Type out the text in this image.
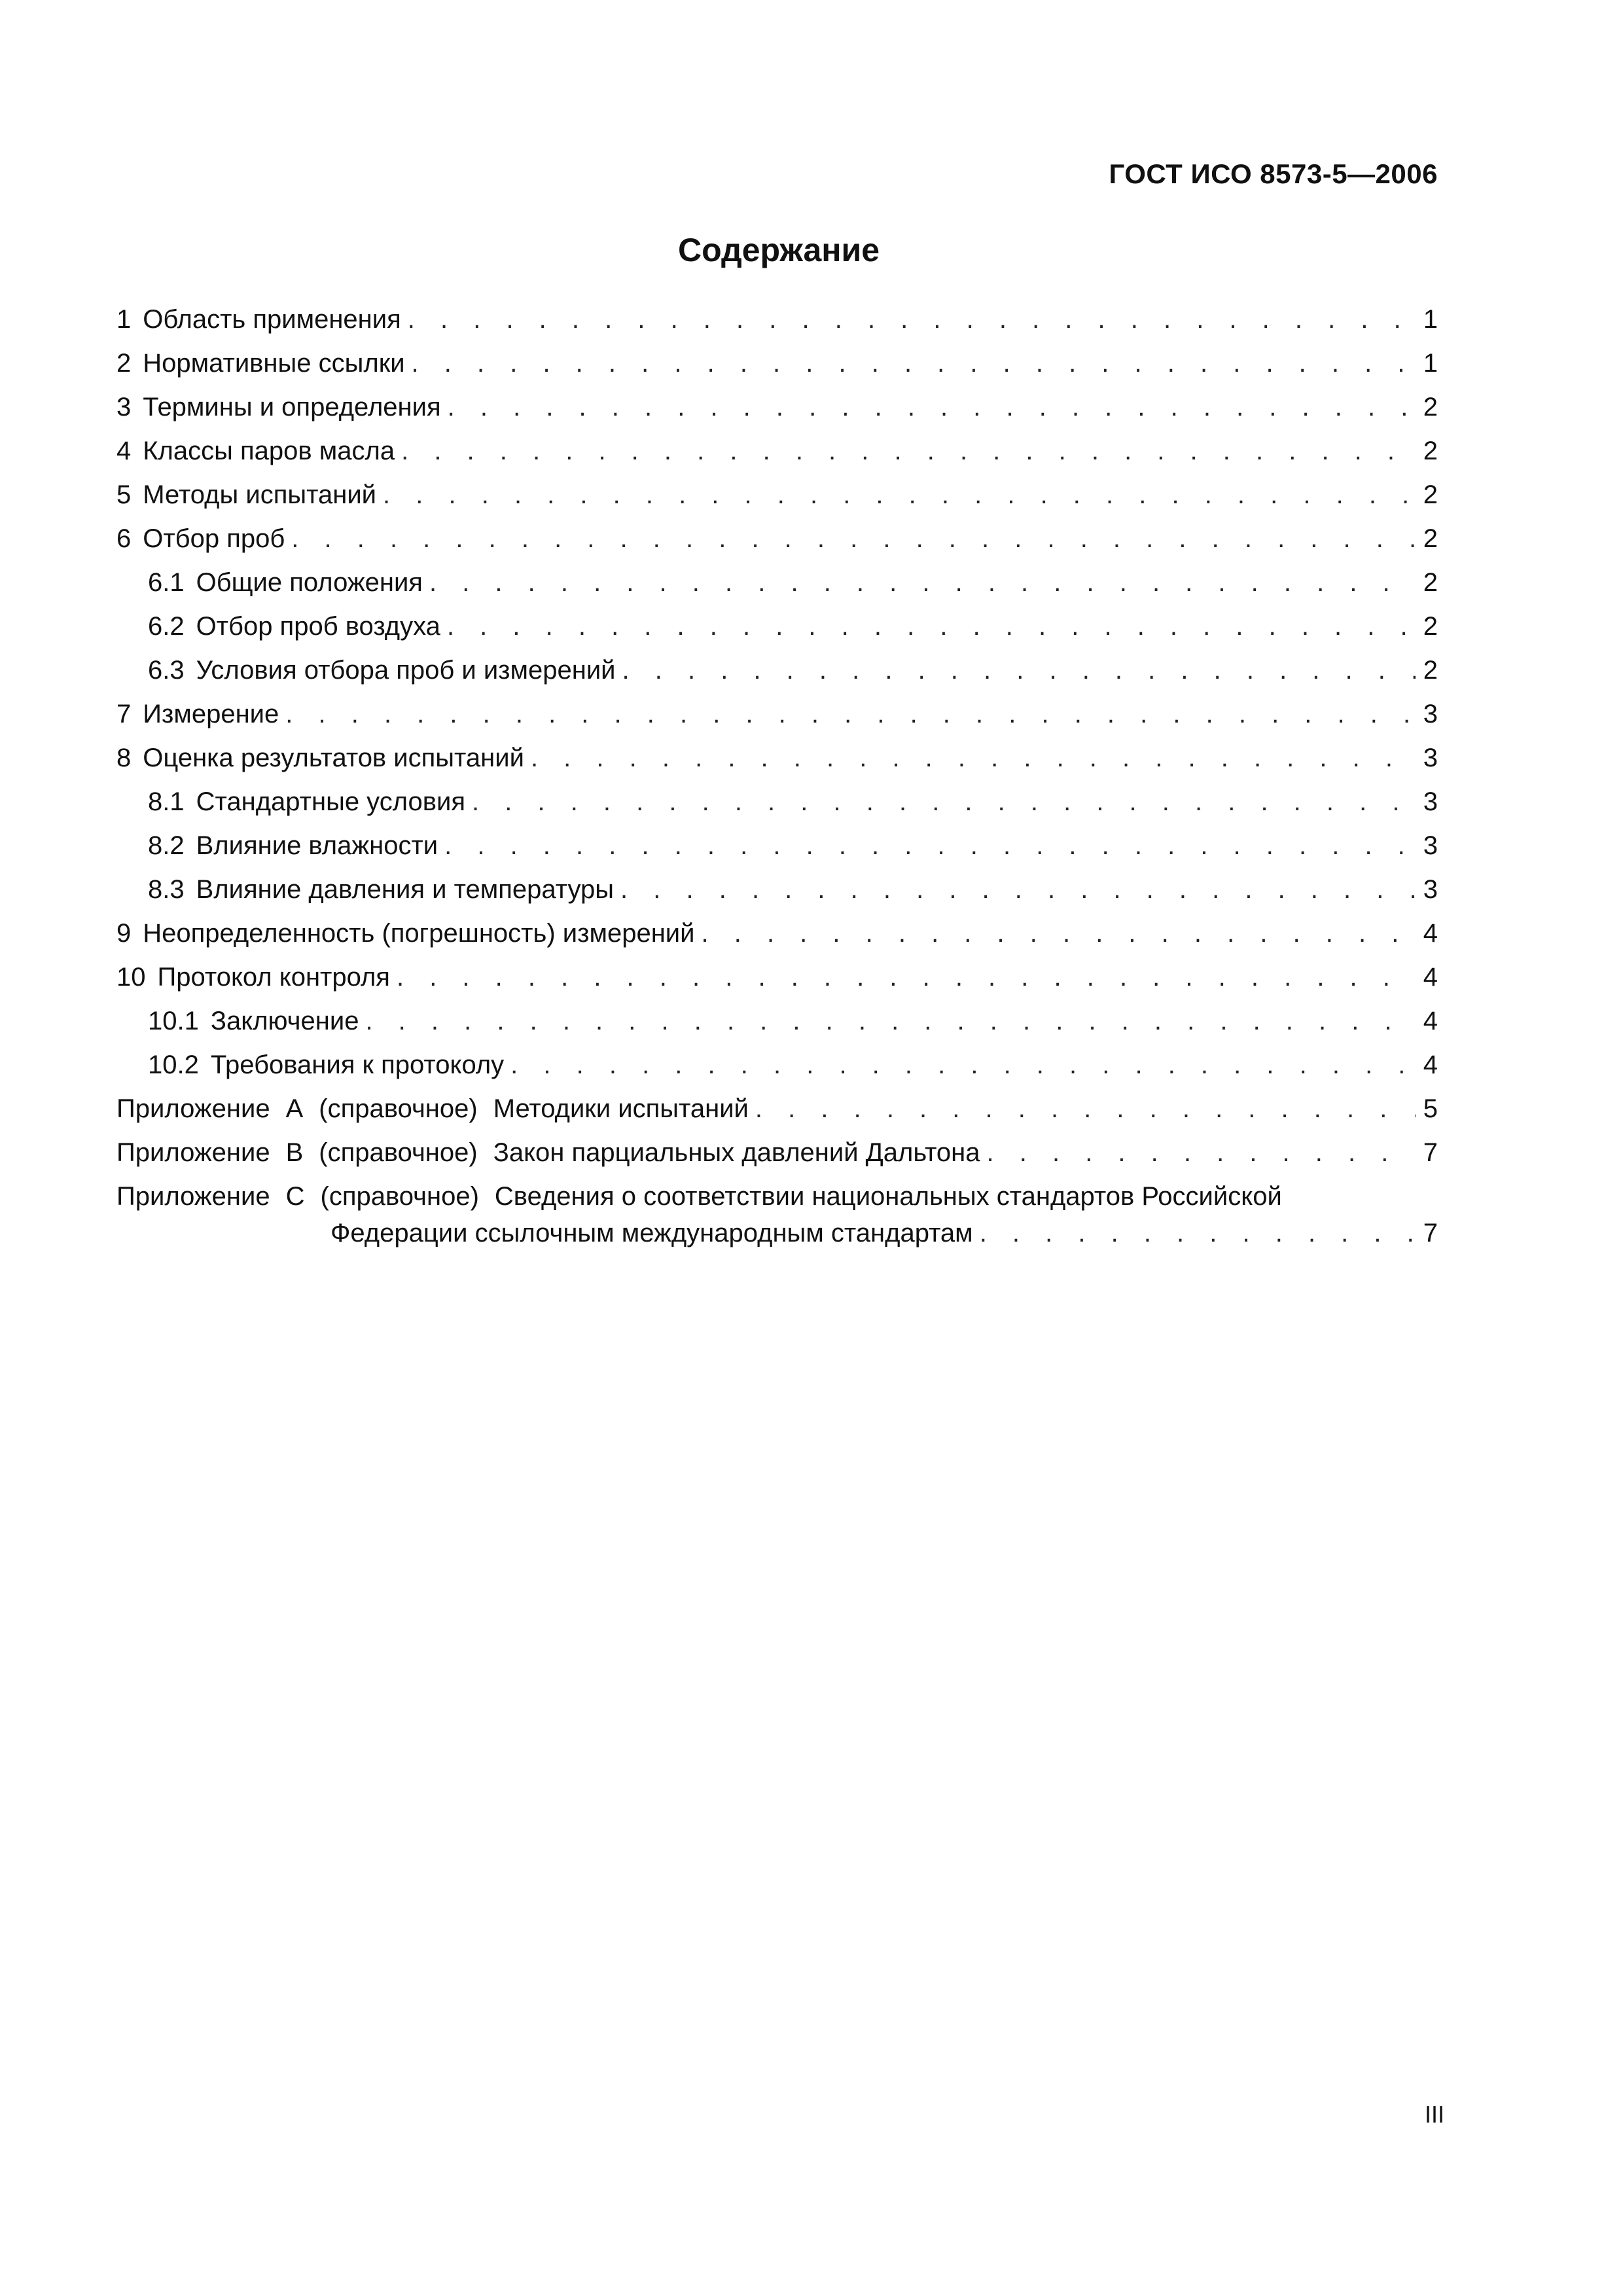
ГОСТ ИСО 8573-5—2006
Содержание
1 Область применения . . .	1
2 Нормативные ссылки . . .	1
3 Термины и определения . . .	2
4 Классы паров масла . . .	2
5 Методы испытаний . . .	2
6 Отбор проб . . .	2
6.1 Общие положения . . .	2
6.2 Отбор проб воздуха . . .	2
6.3 Условия отбора проб и измерений . . .	2
7 Измерение . . .	3
8 Оценка результатов испытаний . . .	3
8.1 Стандартные условия . . .	3
8.2 Влияние влажности . . .	3
8.3 Влияние давления и температуры . . .	3
9 Неопределенность (погрешность) измерений . . .	4
10 Протокол контроля . . .	4
10.1 Заключение . . .	4
10.2 Требования к протоколу . . .	4
Приложение А (справочное) Методики испытаний . . .	5
Приложение В (справочное) Закон парциальных давлений Дальтона . . .	7
Приложение С (справочное) Сведения о соответствии национальных стандартов Российской
Федерации ссылочным международным стандартам . . .	7
III
